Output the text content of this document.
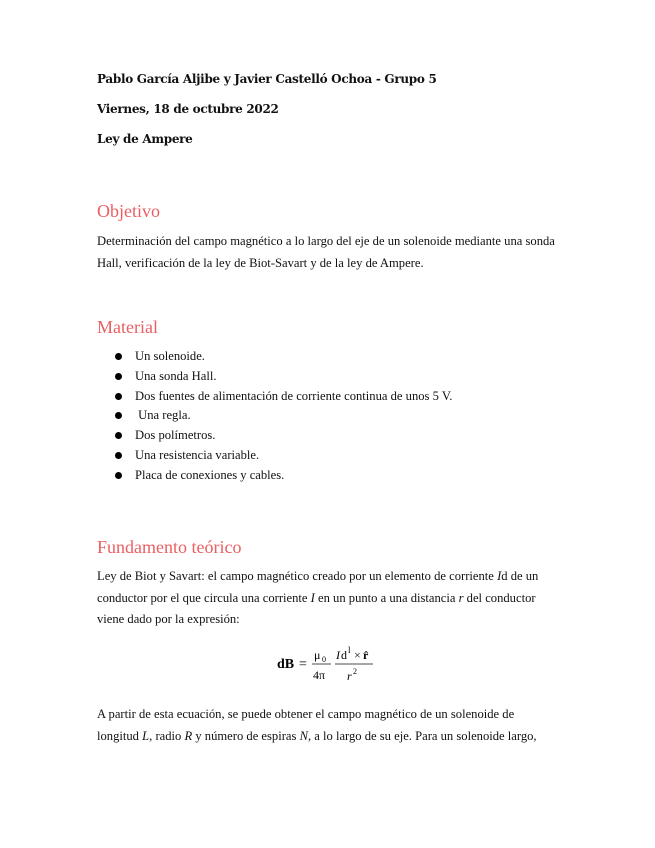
Pablo García Aljibe y Javier Castelló Ochoa - Grupo 5

Viernes, 18 de octubre 2022

Ley de Ampere

Objetivo

Determinación del campo magnético a lo largo del eje de un solenoide mediante una sonda Hall, verificación de la ley de Biot-Savart y de la ley de Ampere.

Material
Un solenoide.
Una sonda Hall.
Dos fuentes de alimentación de corriente continua de unos 5 V.
Una regla.
Dos polímetros.
Una resistencia variable.
Placa de conexiones y cables.
Fundamento teórico

Ley de Biot y Savart: el campo magnético creado por un elemento de corriente Id de un conductor por el que circula una corriente I en un punto a una distancia r del conductor viene dado por la expresión:

dB =
μ 0
4π
I d l × r̂
r 2

A partir de esta ecuación, se puede obtener el campo magnético de un solenoide de longitud L, radio R y número de espiras N, a lo largo de su eje. Para un solenoide largo,
